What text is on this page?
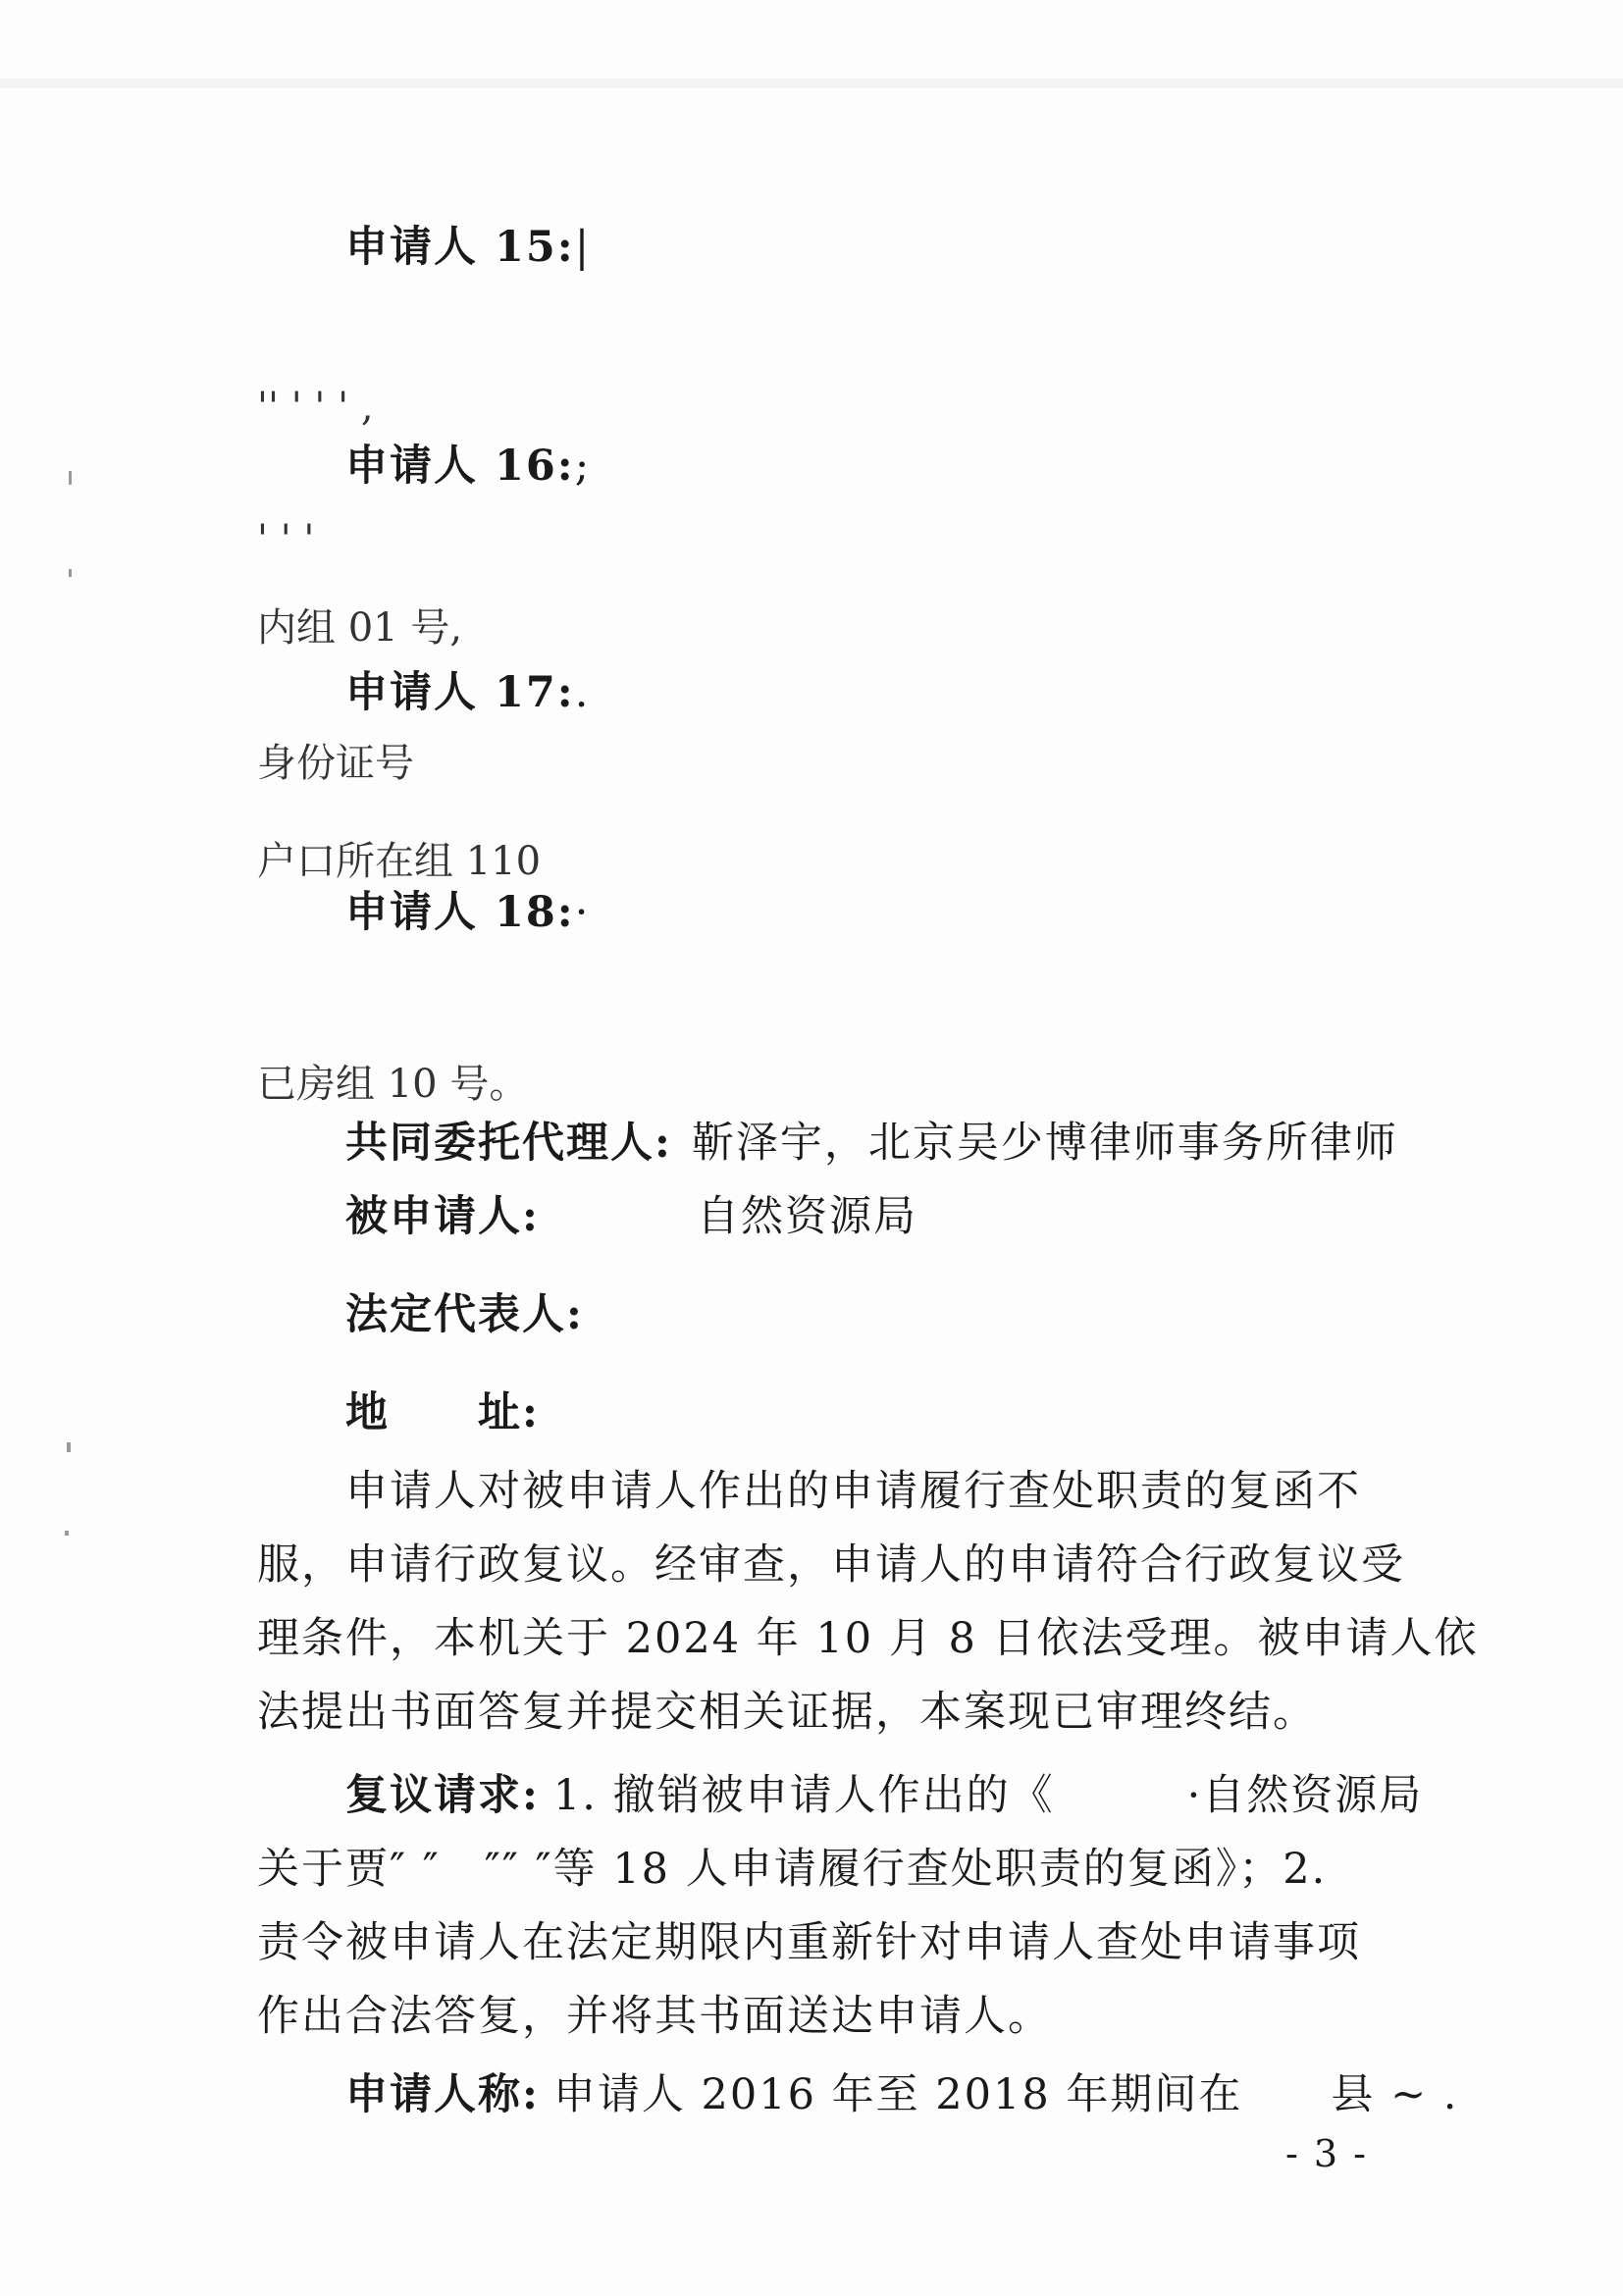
申请人 15:|
'' ' ' ' ,
申请人 16:;
' ' '
内组 01 号,
申请人 17:.
身份证号
户口所在组 110
申请人 18:·
已房组 10 号。
共同委托代理人: 靳泽宇，北京吴少博律师事务所律师
被申请人:	自然资源局
法定代表人:
地　　址:
申请人对被申请人作出的申请履行查处职责的复函不
服，申请行政复议。经审查，申请人的申请符合行政复议受
理条件，本机关于 2024 年 10 月 8 日依法受理。被申请人依
法提出书面答复并提交相关证据，本案现已审理终结。
复议请求: 1. 撤销被申请人作出的《　　　·自然资源局
关于贾″ ″　″″ ″等 18 人申请履行查处职责的复函》；2.
责令被申请人在法定期限内重新针对申请人查处申请事项
作出合法答复，并将其书面送达申请人。
申请人称: 申请人 2016 年至 2018 年期间在　　县 ~ .
- 3 -
